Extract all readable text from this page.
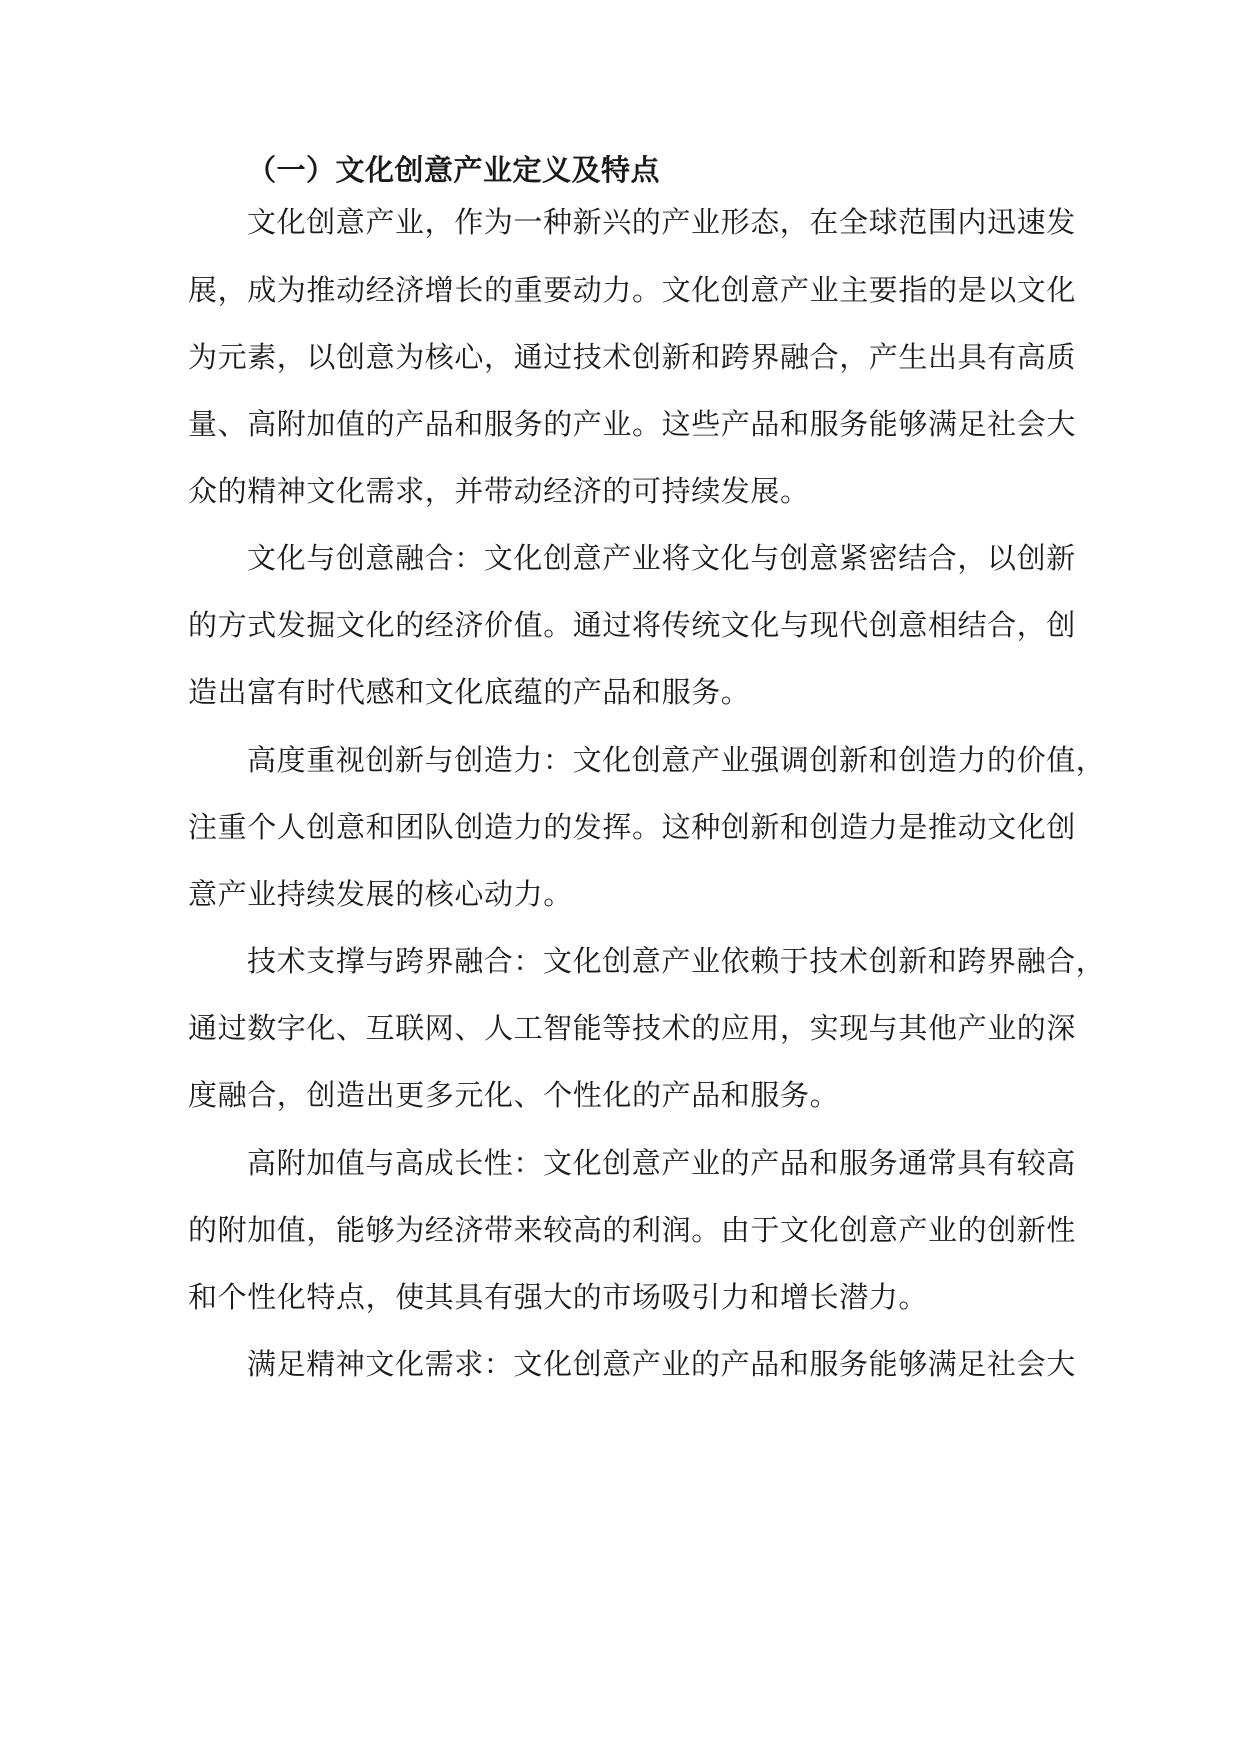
（一）文化创意产业定义及特点
文化创意产业，作为一种新兴的产业形态，在全球范围内迅速发
展，成为推动经济增长的重要动力。文化创意产业主要指的是以文化
为元素，以创意为核心，通过技术创新和跨界融合，产生出具有高质
量、高附加值的产品和服务的产业。这些产品和服务能够满足社会大
众的精神文化需求，并带动经济的可持续发展。
文化与创意融合：文化创意产业将文化与创意紧密结合，以创新
的方式发掘文化的经济价值。通过将传统文化与现代创意相结合，创
造出富有时代感和文化底蕴的产品和服务。
高度重视创新与创造力：文化创意产业强调创新和创造力的价值，
注重个人创意和团队创造力的发挥。这种创新和创造力是推动文化创
意产业持续发展的核心动力。
技术支撑与跨界融合：文化创意产业依赖于技术创新和跨界融合，
通过数字化、互联网、人工智能等技术的应用，实现与其他产业的深
度融合，创造出更多元化、个性化的产品和服务。
高附加值与高成长性：文化创意产业的产品和服务通常具有较高
的附加值，能够为经济带来较高的利润。由于文化创意产业的创新性
和个性化特点，使其具有强大的市场吸引力和增长潜力。
满足精神文化需求：文化创意产业的产品和服务能够满足社会大
